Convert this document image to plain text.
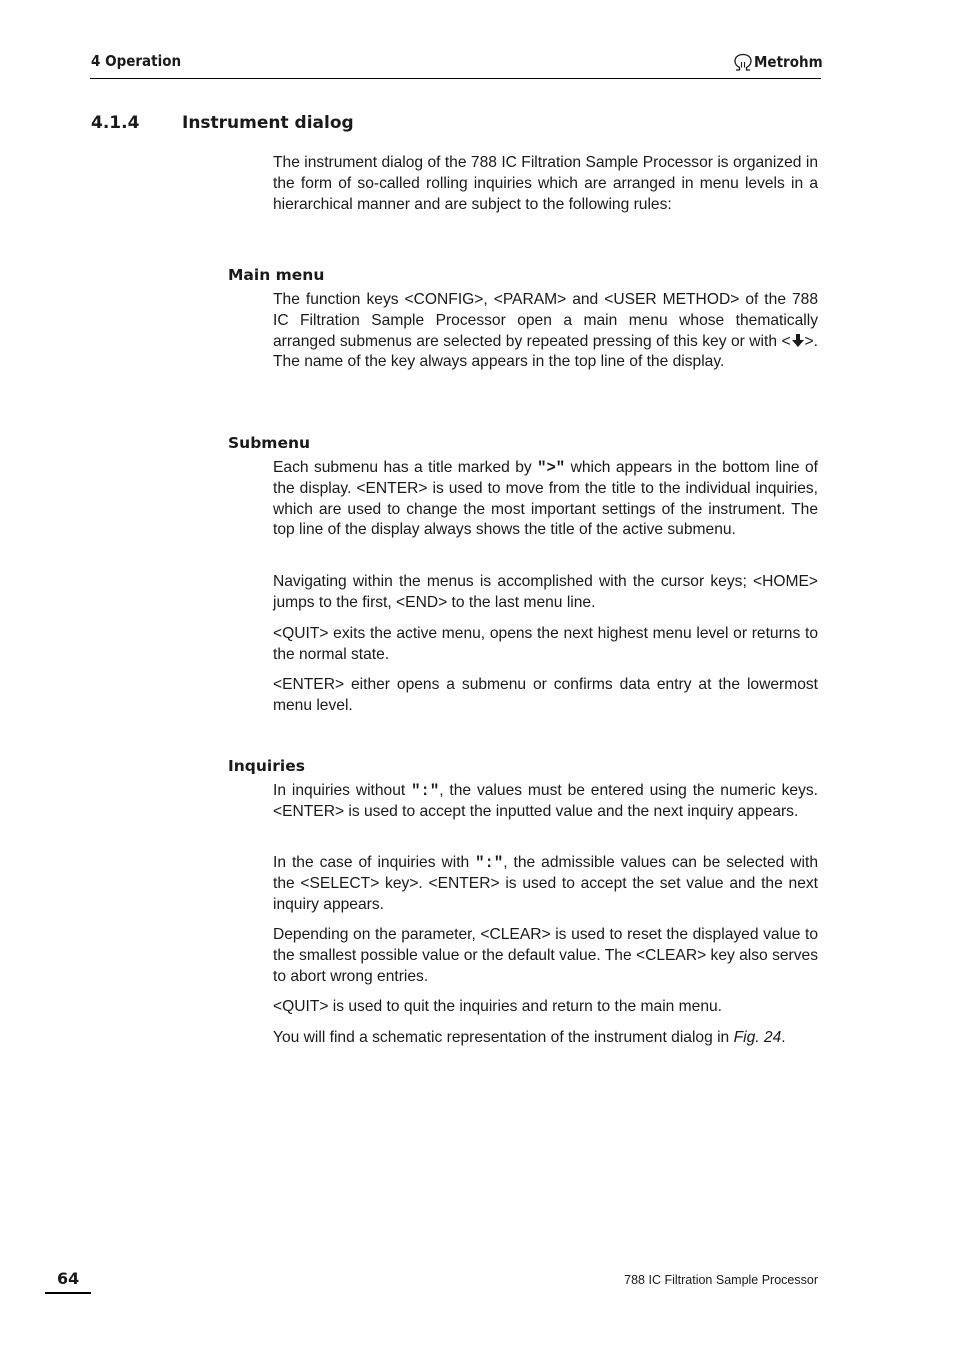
4 Operation	Metrohm
4.1.4	Instrument dialog

The instrument dialog of the 788 IC Filtration Sample Processor is organized in the form of so-called rolling inquiries which are arranged in menu levels in a hierarchical manner and are subject to the following rules:

Main menu

The function keys <CONFIG>, <PARAM> and <USER METHOD> of the 788 IC Filtration Sample Processor open a main menu whose thematically arranged submenus are selected by repeated pressing of this key or with < >. The name of the key always appears in the top line of the display.

Submenu

Each submenu has a title marked by ">" which appears in the bottom line of the display. <ENTER> is used to move from the title to the individual inquiries, which are used to change the most important settings of the instrument. The top line of the display always shows the title of the active submenu.

Navigating within the menus is accomplished with the cursor keys; <HOME> jumps to the first, <END> to the last menu line.

<QUIT> exits the active menu, opens the next highest menu level or returns to the normal state.

<ENTER> either opens a submenu or confirms data entry at the lowermost menu level.

Inquiries

In inquiries without ":", the values must be entered using the numeric keys. <ENTER> is used to accept the inputted value and the next inquiry appears.

In the case of inquiries with ":", the admissible values can be selected with the <SELECT> key>. <ENTER> is used to accept the set value and the next inquiry appears.

Depending on the parameter, <CLEAR> is used to reset the displayed value to the smallest possible value or the default value. The <CLEAR> key also serves to abort wrong entries.

<QUIT> is used to quit the inquiries and return to the main menu.

You will find a schematic representation of the instrument dialog in Fig. 24.

64	788 IC Filtration Sample Processor
